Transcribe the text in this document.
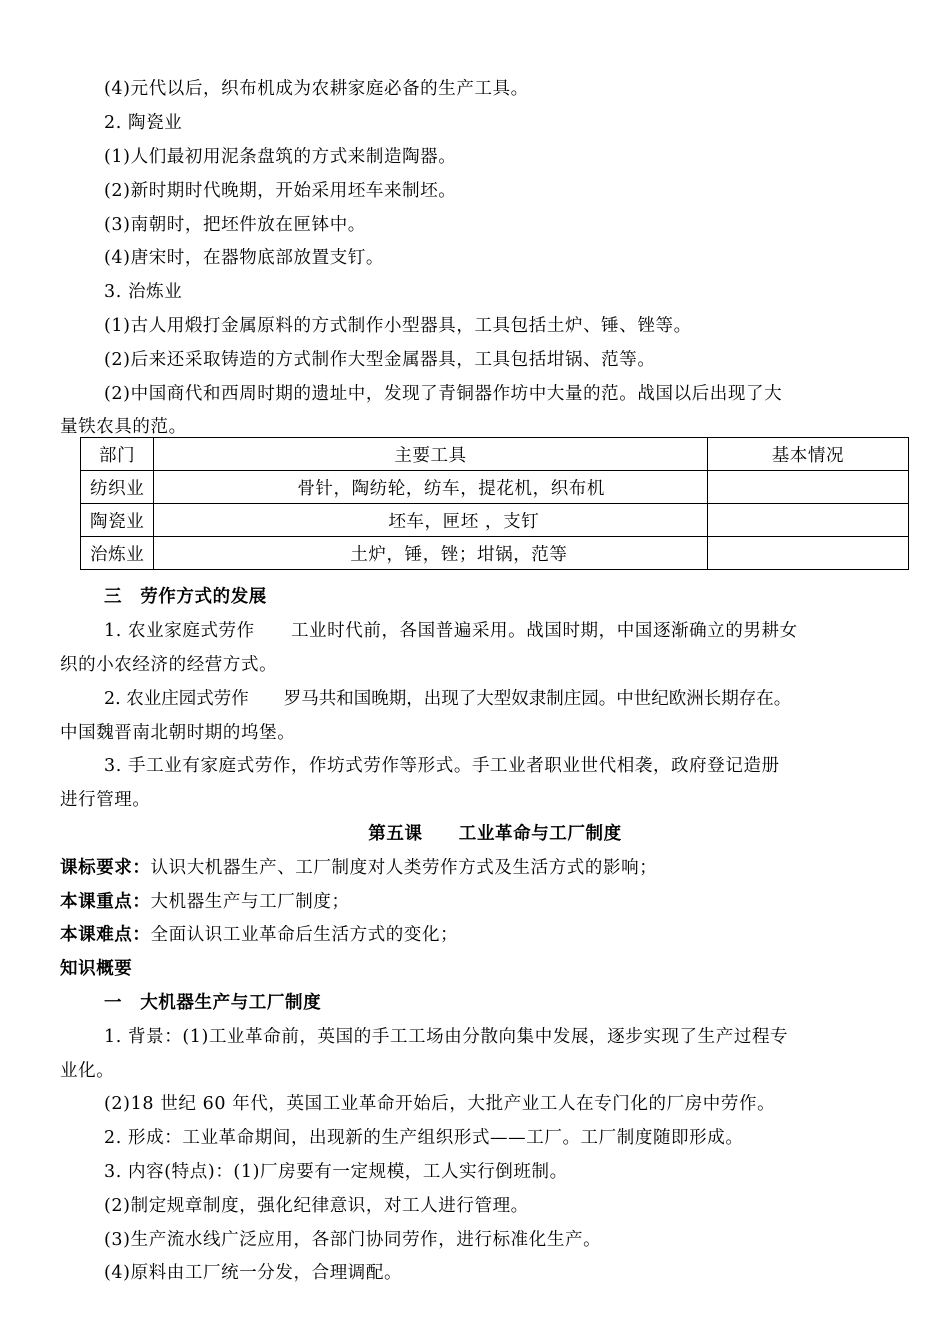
(4)元代以后，织布机成为农耕家庭必备的生产工具。
2. 陶瓷业
(1)人们最初用泥条盘筑的方式来制造陶器。
(2)新时期时代晚期，开始采用坯车来制坯。
(3)南朝时，把坯件放在匣钵中。
(4)唐宋时，在器物底部放置支钉。
3. 治炼业
(1)古人用煅打金属原料的方式制作小型器具，工具包括土炉、锤、锉等。
(2)后来还采取铸造的方式制作大型金属器具，工具包括坩锅、范等。
(2)中国商代和西周时期的遗址中，发现了青铜器作坊中大量的范。战国以后出现了大
量铁农具的范。
部门	主要工具	基本情况
纺织业	骨针，陶纺轮，纺车，提花机，织布机	
陶瓷业	坯车，匣坯 ，支钉	
治炼业	土炉，锤，锉；坩锅，范等	
三　劳作方式的发展
1. 农业家庭式劳作　　工业时代前，各国普遍采用。战国时期，中国逐渐确立的男耕女
织的小农经济的经营方式。
2. 农业庄园式劳作　　罗马共和国晚期，出现了大型奴隶制庄园。中世纪欧洲长期存在。
中国魏晋南北朝时期的坞堡。
3. 手工业有家庭式劳作，作坊式劳作等形式。手工业者职业世代相袭，政府登记造册
进行管理。
第五课　　工业革命与工厂制度
课标要求：认识大机器生产、工厂制度对人类劳作方式及生活方式的影响；
本课重点：大机器生产与工厂制度；
本课难点：全面认识工业革命后生活方式的变化；
知识概要
一　大机器生产与工厂制度
1. 背景：(1)工业革命前，英国的手工工场由分散向集中发展，逐步实现了生产过程专
业化。
(2)18 世纪 60 年代，英国工业革命开始后，大批产业工人在专门化的厂房中劳作。
2. 形成：工业革命期间，出现新的生产组织形式——工厂。工厂制度随即形成。
3. 内容(特点)：(1)厂房要有一定规模，工人实行倒班制。
(2)制定规章制度，强化纪律意识，对工人进行管理。
(3)生产流水线广泛应用，各部门协同劳作，进行标准化生产。
(4)原料由工厂统一分发，合理调配。
